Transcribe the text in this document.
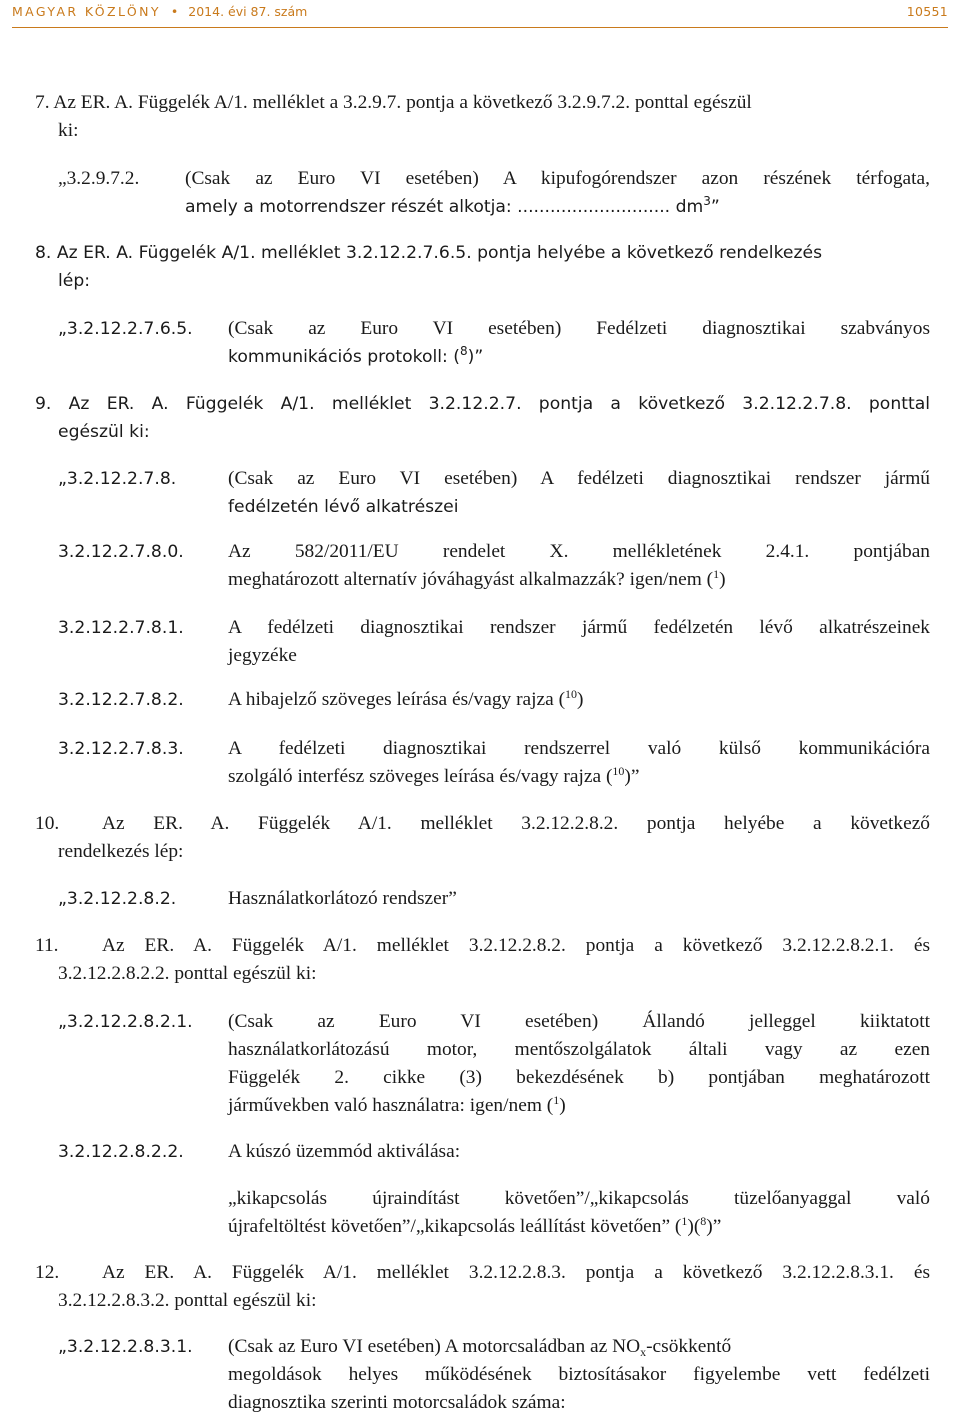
MAGYAR KÖZLÖNY • 2014. évi 87. szám	10551
7. Az ER. A. Függelék A/1. melléklet a 3.2.9.7. pontja a következő 3.2.9.7.2. ponttal egészül
ki:
„3.2.9.7.2. (Csak az Euro VI esetében) A kipufogórendszer azon részének térfogata,
amely a motorrendszer részét alkotja: ............................ $dm^3$”
8. Az ER. A. Függelék A/1. melléklet 3.2.12.2.7.6.5. pontja helyébe a következő rendelkezés
lép:
„3.2.12.2.7.6.5. (Csak az Euro VI esetében) Fedélzeti diagnosztikai szabványos
kommunikációs protokoll: ($^8$)”
9. Az ER. A. Függelék A/1. melléklet 3.2.12.2.7. pontja a következő 3.2.12.2.7.8. ponttal
egészül ki:
„3.2.12.2.7.8.	(Csak az Euro VI esetében) A fedélzeti diagnosztikai rendszer jármű
fedélzetén lévő alkatrészei
3.2.12.2.7.8.0. Az 582/2011/EU rendelet X. mellékletének 2.4.1. pontjában
meghatározott alternatív jóváhagyást alkalmazzák? igen/nem ($^1$)
3.2.12.2.7.8.1. A fedélzeti diagnosztikai rendszer jármű fedélzetén lévő alkatrészeinek
jegyzéke
3.2.12.2.7.8.2. A hibajelző szöveges leírása és/vagy rajza ($^{10}$)
3.2.12.2.7.8.3. A fedélzeti diagnosztikai rendszerrel való külső kommunikációra
szolgáló interfész szöveges leírása és/vagy rajza ($^{10}$)”
10. Az ER. A. Függelék A/1. melléklet 3.2.12.2.8.2. pontja helyébe a következő
rendelkezés lép:
„3.2.12.2.8.2.	Használatkorlátozó rendszer”
11. Az ER. A. Függelék A/1. melléklet 3.2.12.2.8.2. pontja a következő 3.2.12.2.8.2.1. és
3.2.12.2.8.2.2. ponttal egészül ki:
„3.2.12.2.8.2.1. (Csak az Euro VI esetében) Állandó jelleggel kiiktatott
használatkorlátozású motor, mentőszolgálatok általi vagy az ezen
Függelék 2. cikke (3) bekezdésének b) pontjában meghatározott
járművekben való használatra: igen/nem ($^1$)
3.2.12.2.8.2.2. A kúszó üzemmód aktiválása:
„kikapcsolás újraindítást követően”/„kikapcsolás tüzelőanyaggal való
újrafeltöltést követően”/„kikapcsolás leállítást követően” ($^1$)($^8$)”
12. Az ER. A. Függelék A/1. melléklet 3.2.12.2.8.3. pontja a következő 3.2.12.2.8.3.1. és
3.2.12.2.8.3.2. ponttal egészül ki:
„3.2.12.2.8.3.1. (Csak az Euro VI esetében) A motorcsaládban az $NO_x$-csökkentő
megoldások helyes működésének biztosításakor figyelembe vett fedélzeti
diagnosztika szerinti motorcsaládok száma:
